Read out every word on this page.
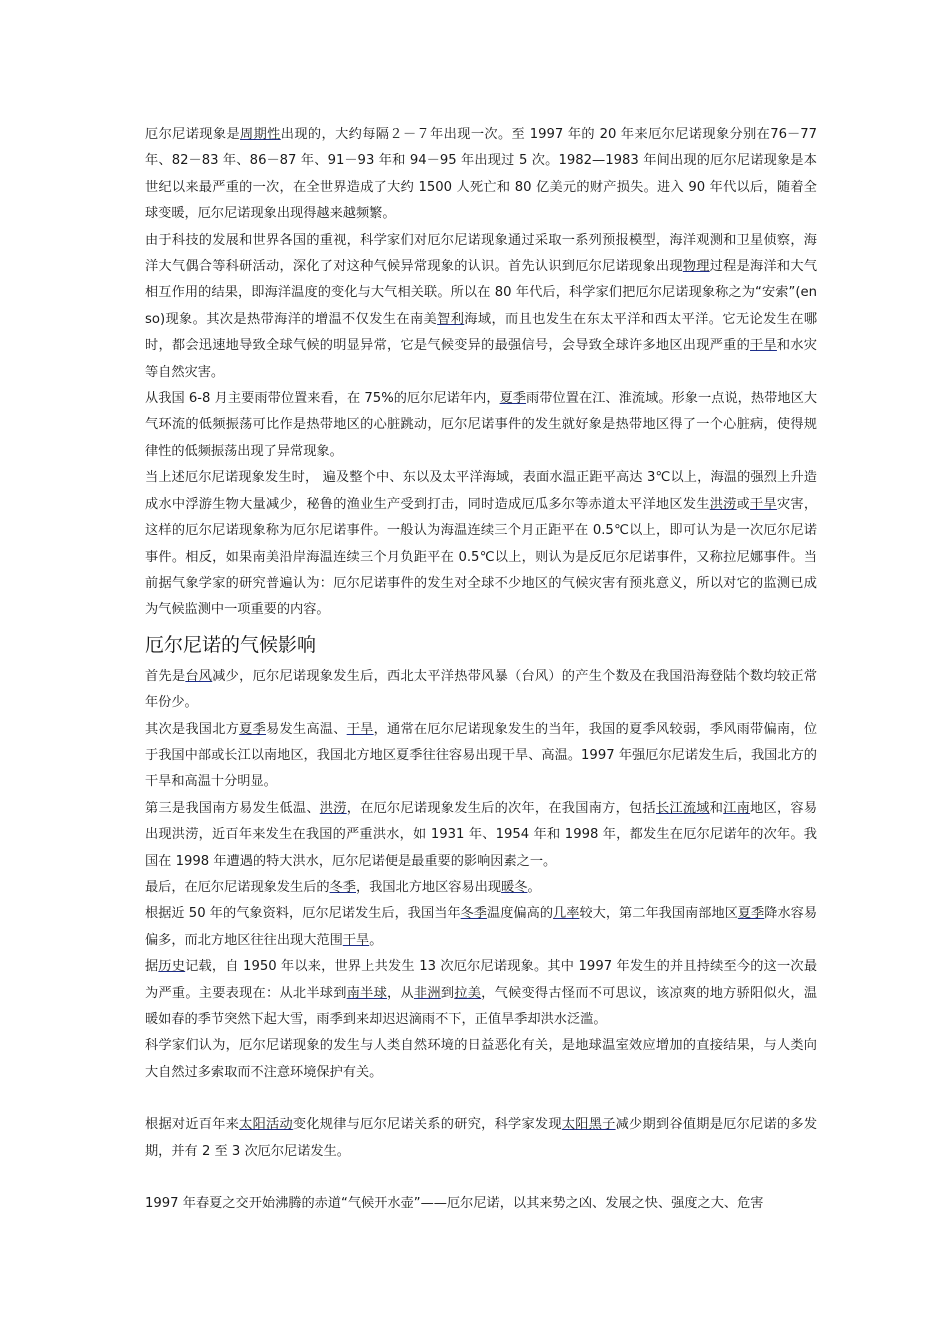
厄尔尼诺现象是周期性出现的，大约每隔２－７年出现一次。至 1997 年的 20 年来厄尔尼诺现象分别在76－77 年、82－83 年、86－87 年、91－93 年和 94－95 年出现过 5 次。1982—1983 年间出现的厄尔尼诺现象是本世纪以来最严重的一次，在全世界造成了大约 1500 人死亡和 80 亿美元的财产损失。进入 90 年代以后，随着全球变暖，厄尔尼诺现象出现得越来越频繁。

由于科技的发展和世界各国的重视，科学家们对厄尔尼诺现象通过采取一系列预报模型，海洋观测和卫星侦察，海洋大气偶合等科研活动，深化了对这种气候异常现象的认识。首先认识到厄尔尼诺现象出现物理过程是海洋和大气相互作用的结果，即海洋温度的变化与大气相关联。所以在 80 年代后，科学家们把厄尔尼诺现象称之为“安索”(enso)现象。其次是热带海洋的增温不仅发生在南美智利海域，而且也发生在东太平洋和西太平洋。它无论发生在哪时，都会迅速地导致全球气候的明显异常，它是气候变异的最强信号，会导致全球许多地区出现严重的干旱和水灾等自然灾害。

从我国 6-8 月主要雨带位置来看，在 75%的厄尔尼诺年内，夏季雨带位置在江、淮流域。形象一点说，热带地区大气环流的低频振荡可比作是热带地区的心脏跳动，厄尔尼诺事件的发生就好象是热带地区得了一个心脏病，使得规律性的低频振荡出现了异常现象。

当上述厄尔尼诺现象发生时， 遍及整个中、东以及太平洋海域，表面水温正距平高达 3℃以上，海温的强烈上升造成水中浮游生物大量减少，秘鲁的渔业生产受到打击，同时造成厄瓜多尔等赤道太平洋地区发生洪涝或干旱灾害，这样的厄尔尼诺现象称为厄尔尼诺事件。一般认为海温连续三个月正距平在 0.5℃以上，即可认为是一次厄尔尼诺事件。相反，如果南美沿岸海温连续三个月负距平在 0.5℃以上，则认为是反厄尔尼诺事件，又称拉尼娜事件。当前据气象学家的研究普遍认为：厄尔尼诺事件的发生对全球不少地区的气候灾害有预兆意义，所以对它的监测已成为气候监测中一项重要的内容。

厄尔尼诺的气候影响

首先是台风减少，厄尔尼诺现象发生后，西北太平洋热带风暴（台风）的产生个数及在我国沿海登陆个数均较正常年份少。

其次是我国北方夏季易发生高温、干旱，通常在厄尔尼诺现象发生的当年，我国的夏季风较弱，季风雨带偏南，位于我国中部或长江以南地区，我国北方地区夏季往往容易出现干旱、高温。1997 年强厄尔尼诺发生后，我国北方的干旱和高温十分明显。

第三是我国南方易发生低温、洪涝，在厄尔尼诺现象发生后的次年，在我国南方，包括长江流域和江南地区，容易出现洪涝，近百年来发生在我国的严重洪水，如 1931 年、1954 年和 1998 年，都发生在厄尔尼诺年的次年。我国在 1998 年遭遇的特大洪水，厄尔尼诺便是最重要的影响因素之一。

最后，在厄尔尼诺现象发生后的冬季，我国北方地区容易出现暖冬。

根据近 50 年的气象资料，厄尔尼诺发生后，我国当年冬季温度偏高的几率较大，第二年我国南部地区夏季降水容易偏多，而北方地区往往出现大范围干旱。

据历史记载，自 1950 年以来，世界上共发生 13 次厄尔尼诺现象。其中 1997 年发生的并且持续至今的这一次最为严重。主要表现在：从北半球到南半球，从非洲到拉美，气候变得古怪而不可思议，该凉爽的地方骄阳似火，温暖如春的季节突然下起大雪，雨季到来却迟迟滴雨不下，正值旱季却洪水泛滥。

科学家们认为，厄尔尼诺现象的发生与人类自然环境的日益恶化有关，是地球温室效应增加的直接结果，与人类向大自然过多索取而不注意环境保护有关。

根据对近百年来太阳活动变化规律与厄尔尼诺关系的研究，科学家发现太阳黑子减少期到谷值期是厄尔尼诺的多发期，并有 2 至 3 次厄尔尼诺发生。

1997 年春夏之交开始沸腾的赤道“气候开水壶”——厄尔尼诺，以其来势之凶、发展之快、强度之大、危害
